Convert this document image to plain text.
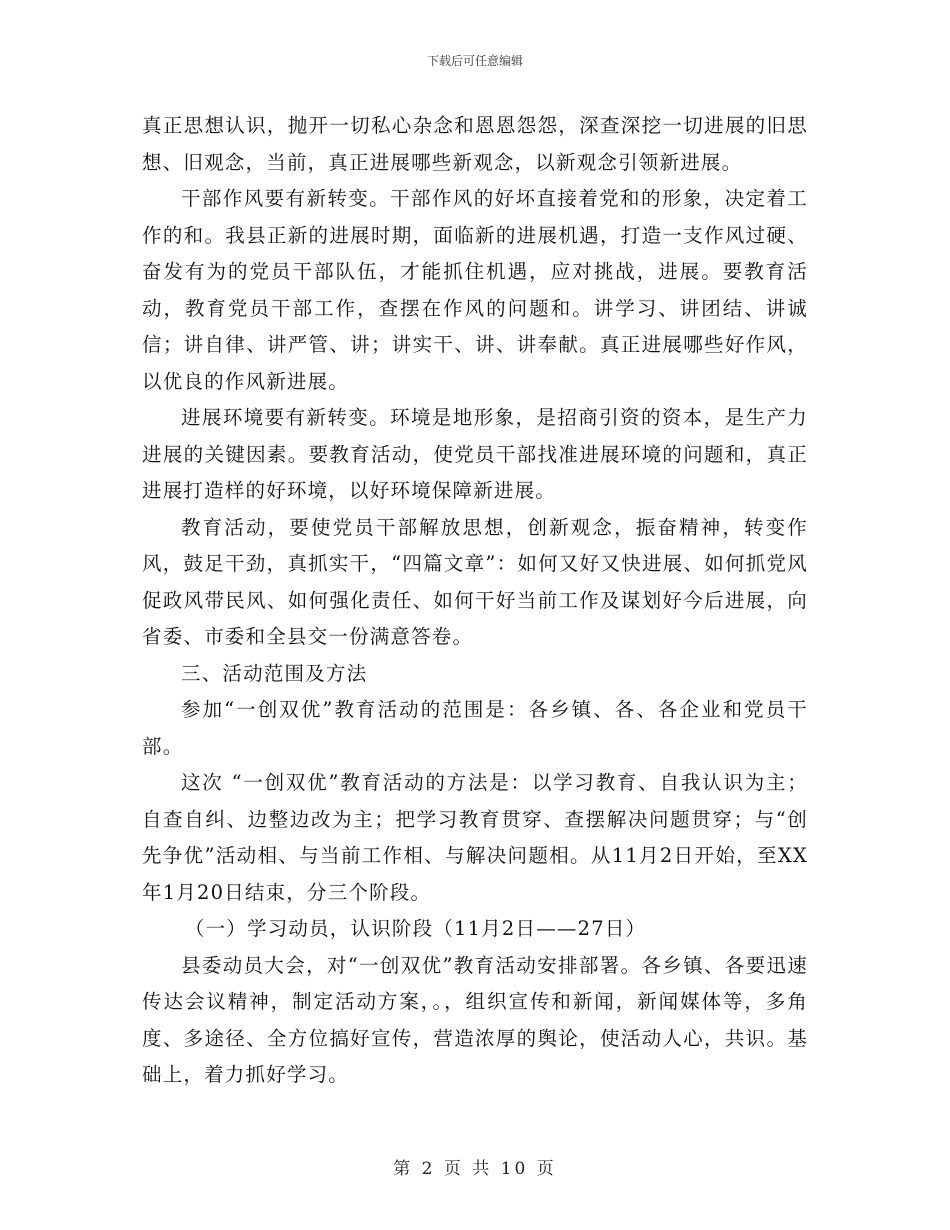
下载后可任意编辑

真正思想认识，抛开一切私心杂念和恩恩怨怨，深查深挖一切进展的旧思想、旧观念，当前，真正进展哪些新观念，以新观念引领新进展。

干部作风要有新转变。干部作风的好坏直接着党和的形象，决定着工作的和。我县正新的进展时期，面临新的进展机遇，打造一支作风过硬、奋发有为的党员干部队伍，才能抓住机遇，应对挑战，进展。要教育活动，教育党员干部工作，查摆在作风的问题和。讲学习、讲团结、讲诚信；讲自律、讲严管、讲；讲实干、讲、讲奉献。真正进展哪些好作风，以优良的作风新进展。

进展环境要有新转变。环境是地形象，是招商引资的资本，是生产力进展的关键因素。要教育活动，使党员干部找准进展环境的问题和，真正进展打造样的好环境，以好环境保障新进展。

教育活动，要使党员干部解放思想，创新观念，振奋精神，转变作风，鼓足干劲，真抓实干，“四篇文章”：如何又好又快进展、如何抓党风促政风带民风、如何强化责任、如何干好当前工作及谋划好今后进展，向省委、市委和全县交一份满意答卷。

三、活动范围及方法

参加“一创双优”教育活动的范围是：各乡镇、各、各企业和党员干部。

这次 “一创双优”教育活动的方法是：以学习教育、自我认识为主；自查自纠、边整边改为主；把学习教育贯穿、查摆解决问题贯穿；与“创先争优”活动相、与当前工作相、与解决问题相。从11月2日开始，至XX年1月20日结束，分三个阶段。

（一）学习动员，认识阶段（11月2日——27日）

县委动员大会，对“一创双优”教育活动安排部署。各乡镇、各要迅速传达会议精神，制定活动方案，。，组织宣传和新闻，新闻媒体等，多角度、多途径、全方位搞好宣传，营造浓厚的舆论，使活动人心，共识。基础上，着力抓好学习。

第 2 页 共 10 页
